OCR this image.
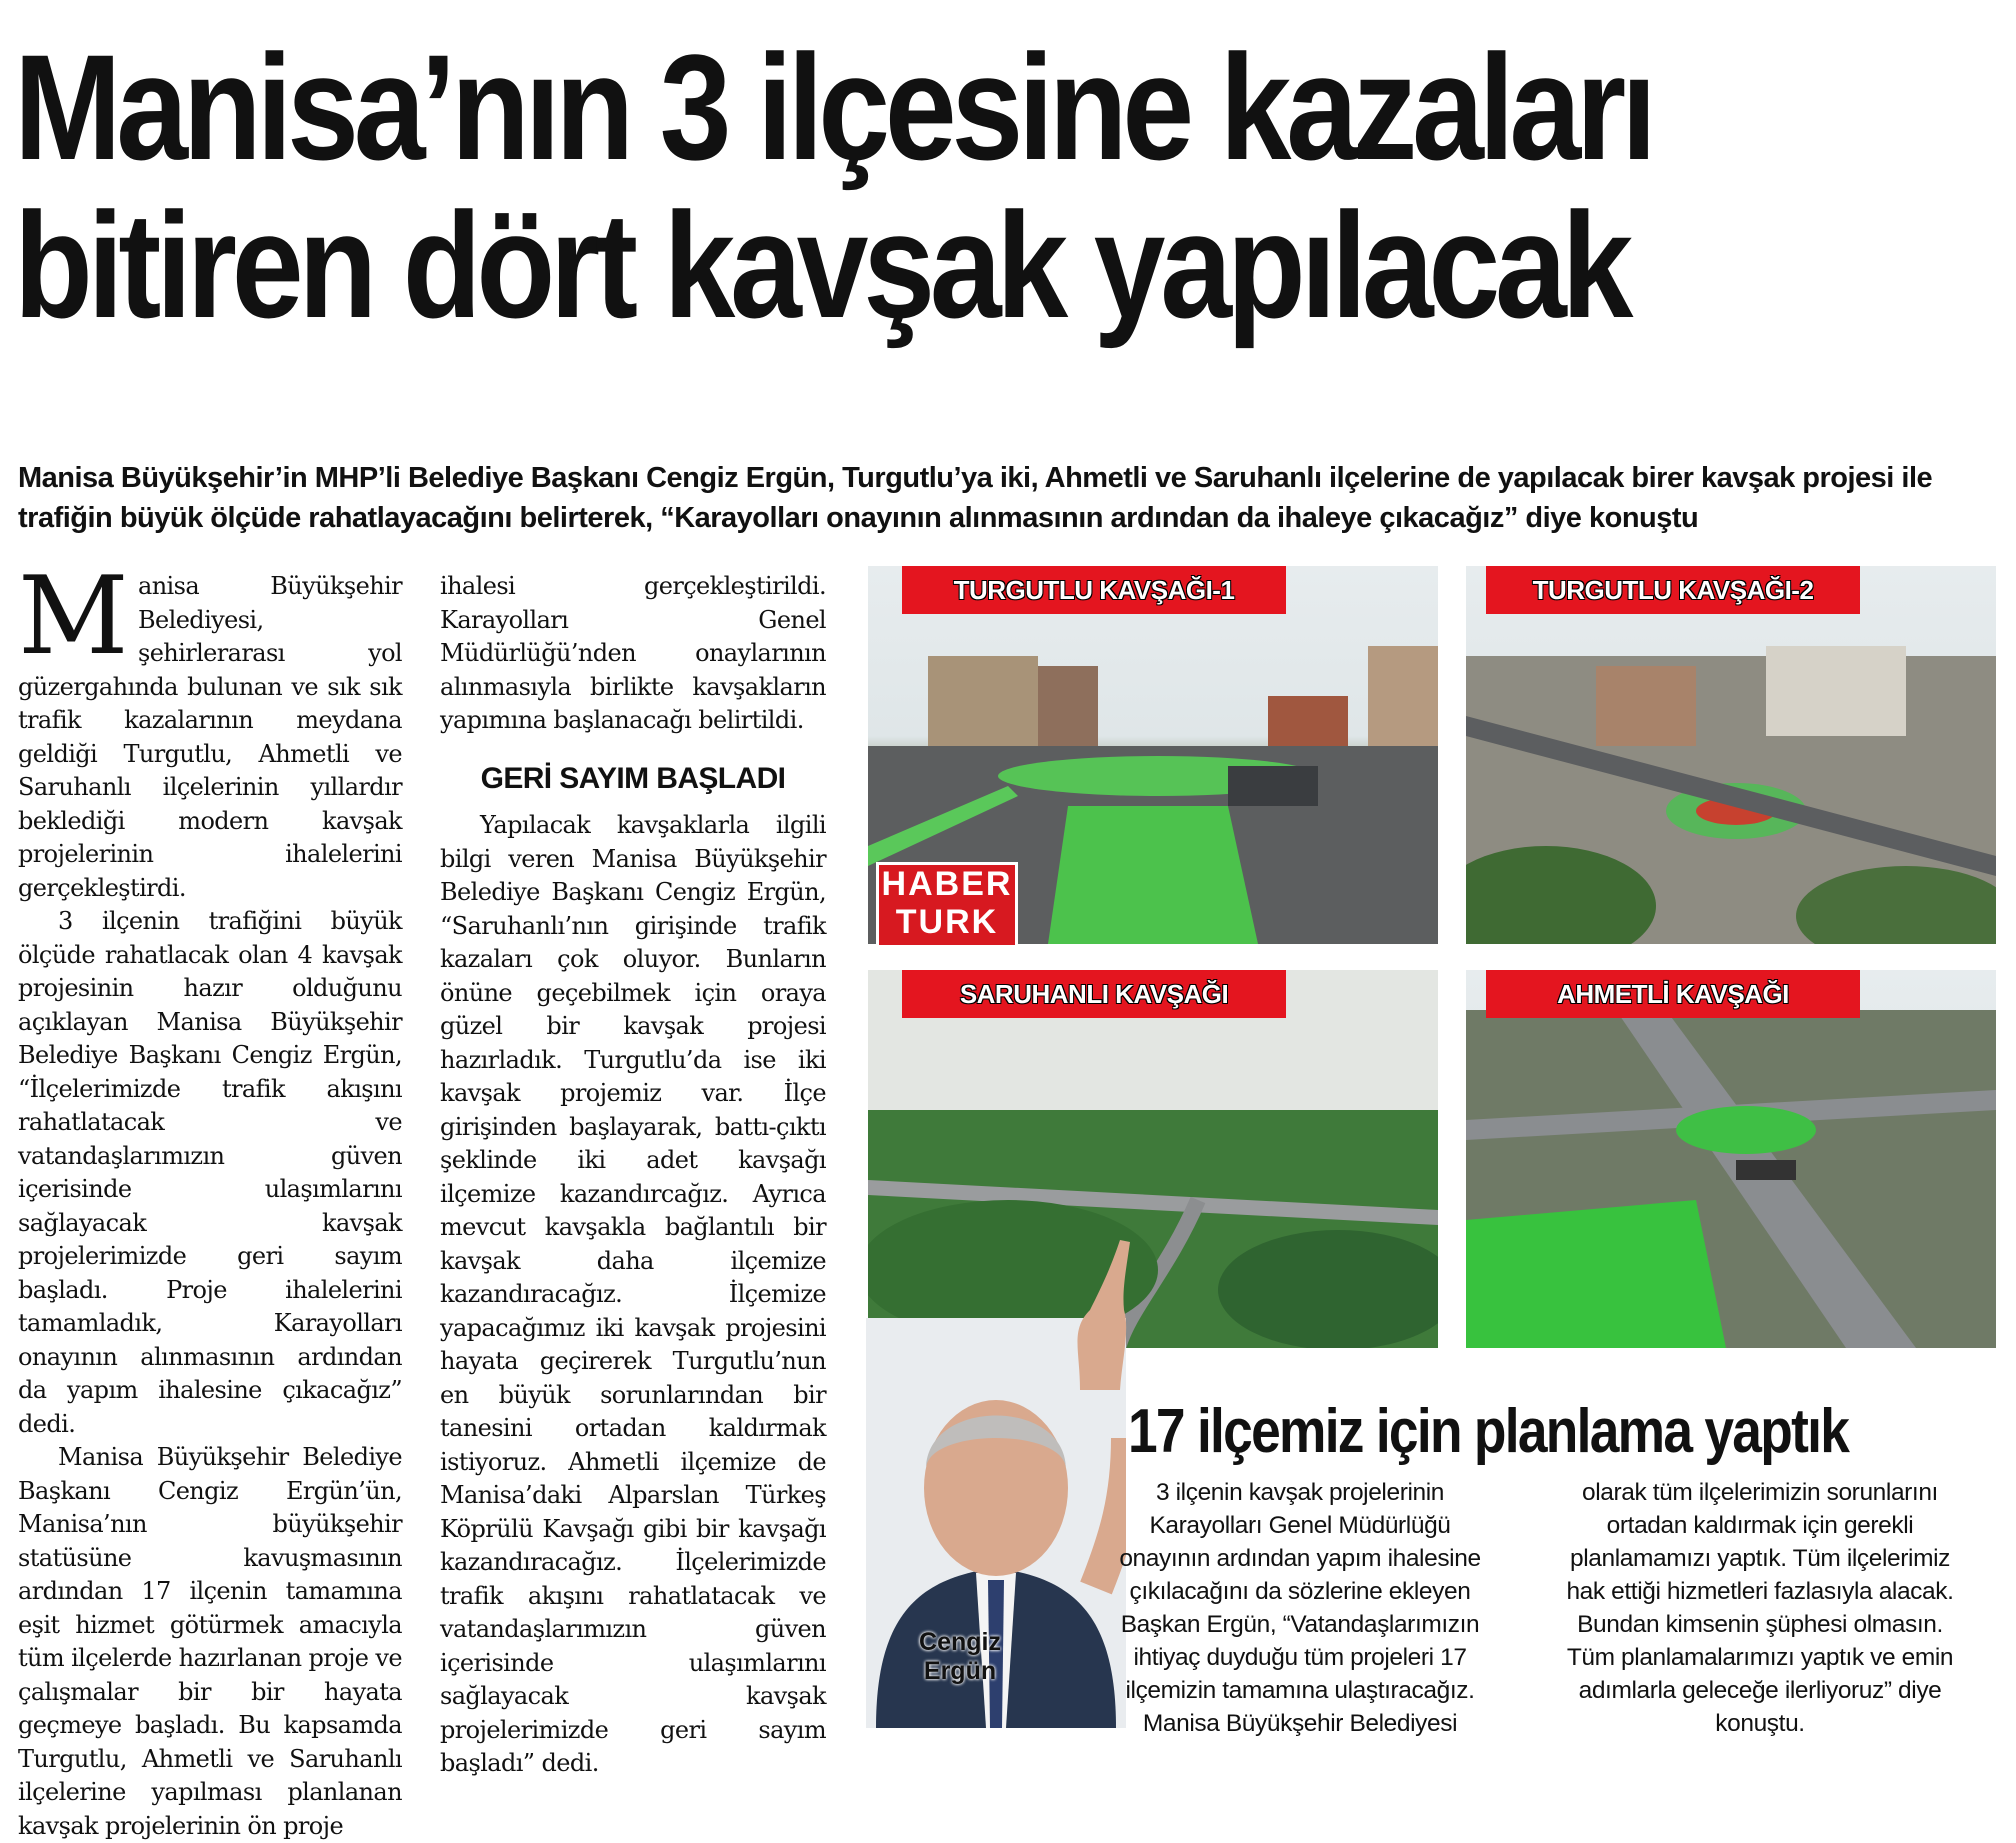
Manisa’nın 3 ilçesine kazaları
bitiren dört kavşak yapılacak
Manisa Büyükşehir’in MHP’li Belediye Başkanı Cengiz Ergün, Turgutlu’ya iki, Ahmetli ve Saruhanlı ilçelerine de yapılacak birer kavşak projesi ile trafiğin büyük ölçüde rahatlayacağını belirterek, “Karayolları onayının alınmasının ardından da ihaleye çıkacağız” diye konuştu

Manisa Büyükşehir Belediyesi, şehirlerarası yol güzergahında bulunan ve sık sık trafik kazalarının meydana geldiği Turgutlu, Ahmetli ve Saruhanlı ilçelerinin yıllardır beklediği modern kavşak projelerinin ihalelerini gerçekleştirdi.

3 ilçenin trafiğini büyük ölçüde rahatlacak olan 4 kavşak projesinin hazır olduğunu açıklayan Manisa Büyükşehir Belediye Başkanı Cengiz Ergün, “İlçelerimizde trafik akışını rahatlatacak ve vatandaşlarımızın güven içerisinde ulaşımlarını sağlayacak kavşak projelerimizde geri sayım başladı. Proje ihalelerini tamamladık, Karayolları onayının alınmasının ardından da yapım ihalesine çıkacağız” dedi.

Manisa Büyükşehir Belediye Başkanı Cengiz Ergün’ün, Manisa’nın büyükşehir statüsüne kavuşmasının ardından 17 ilçenin tamamına eşit hizmet götürmek amacıyla tüm ilçelerde hazırlanan proje ve çalışmalar bir bir hayata geçmeye başladı. Bu kapsamda Turgutlu, Ahmetli ve Saruhanlı ilçelerine yapılması planlanan kavşak projelerinin ön proje

ihalesi gerçekleştirildi. Karayolları Genel Müdürlüğü’nden onaylarının alınmasıyla birlikte kavşakların yapımına başlanacağı belirtildi.

GERİ SAYIM BAŞLADI

Yapılacak kavşaklarla ilgili bilgi veren Manisa Büyükşehir Belediye Başkanı Cengiz Ergün, “Saruhanlı’nın girişinde trafik kazaları çok oluyor. Bunların önüne geçebilmek için oraya güzel bir kavşak projesi hazırladık. Turgutlu’da ise iki kavşak projemiz var. İlçe girişinden başlayarak, battı-çıktı şeklinde iki adet kavşağı ilçemize kazandırcağız. Ayrıca mevcut kavşakla bağlantılı bir kavşak daha ilçemize kazandıracağız. İlçemize yapacağımız iki kavşak projesini hayata geçirerek Turgutlu’nun en büyük sorunlarından bir tanesini ortadan kaldırmak istiyoruz. Ahmetli ilçemize de Manisa’daki Alparslan Türkeş Köprülü Kavşağı gibi bir kavşağı kazandıracağız. İlçelerimizde trafik akışını rahatlatacak ve vatandaşlarımızın güven içerisinde ulaşımlarını sağlayacak kavşak projelerimizde geri sayım başladı” dedi.

TURGUTLU KAVŞAĞI-1
HABER
TURK
TURGUTLU KAVŞAĞI-2
SARUHANLI KAVŞAĞI	AHMETLİ KAVŞAĞI
Cengiz
Ergün
17 ilçemiz için planlama yaptık
3 ilçenin kavşak projelerinin Karayolları Genel Müdürlüğü onayının ardından yapım ihalesine çıkılacağını da sözlerine ekleyen Başkan Ergün, “Vatandaşlarımızın ihtiyaç duyduğu tüm projeleri 17 ilçemizin tamamına ulaştıracağız. Manisa Büyükşehir Belediyesi
olarak tüm ilçelerimizin sorunlarını ortadan kaldırmak için gerekli planlamamızı yaptık. Tüm ilçelerimiz hak ettiği hizmetleri fazlasıyla alacak. Bundan kimsenin şüphesi olmasın. Tüm planlamalarımızı yaptık ve emin adımlarla geleceğe ilerliyoruz” diye konuştu.
